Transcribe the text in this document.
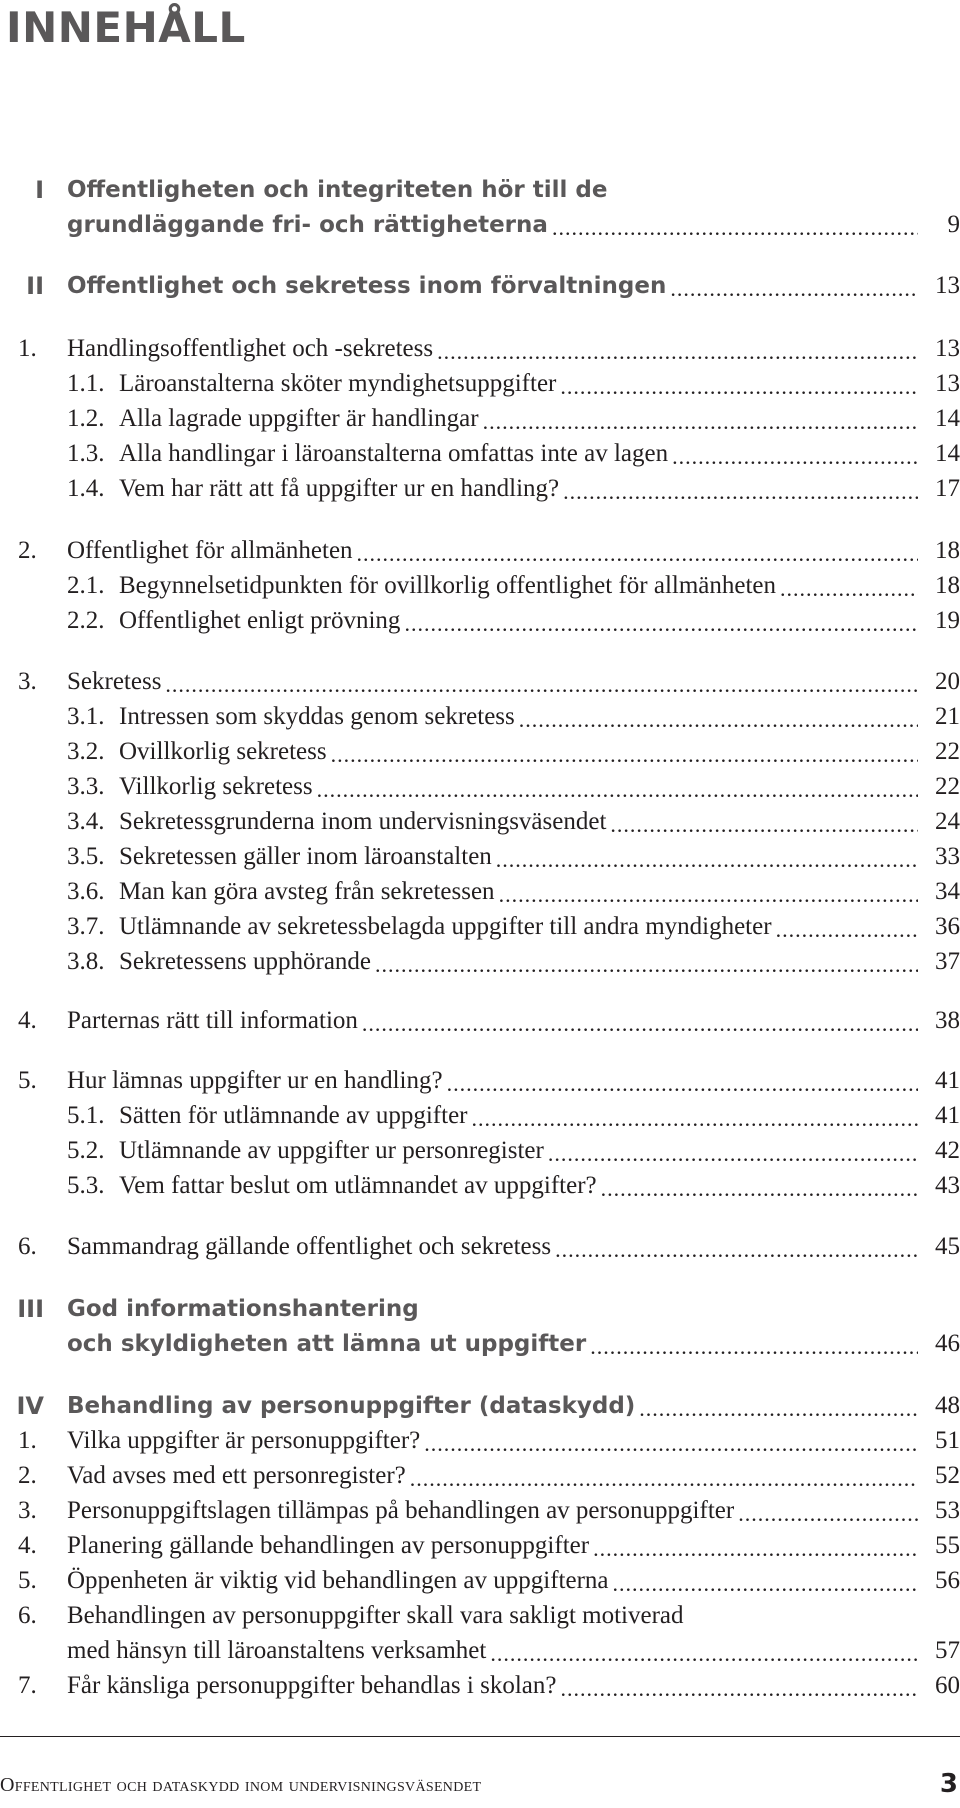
INNEHÅLL
I Offentligheten och integriteten hör till de
grundläggande fri- och rättigheterna .....	9
II Offentlighet och sekretess inom förvaltningen .....	13
1. Handlingsoffentlighet och -sekretess .....	13
1.1. Läroanstalterna sköter myndighetsuppgifter .....	13
1.2. Alla lagrade uppgifter är handlingar .....	14
1.3. Alla handlingar i läroanstalterna omfattas inte av lagen .....	14
1.4. Vem har rätt att få uppgifter ur en handling? .....	17
2. Offentlighet för allmänheten .....	18
2.1. Begynnelsetidpunkten för ovillkorlig offentlighet för allmänheten .....	18
2.2. Offentlighet enligt prövning .....	19
3. Sekretess .....	20
3.1. Intressen som skyddas genom sekretess .....	21
3.2. Ovillkorlig sekretess .....	22
3.3. Villkorlig sekretess .....	22
3.4. Sekretessgrunderna inom undervisningsväsendet .....	24
3.5. Sekretessen gäller inom läroanstalten .....	33
3.6. Man kan göra avsteg från sekretessen .....	34
3.7. Utlämnande av sekretessbelagda uppgifter till andra myndigheter .....	36
3.8. Sekretessens upphörande .....	37
4. Parternas rätt till information .....	38
5. Hur lämnas uppgifter ur en handling? .....	41
5.1. Sätten för utlämnande av uppgifter .....	41
5.2. Utlämnande av uppgifter ur personregister .....	42
5.3. Vem fattar beslut om utlämnandet av uppgifter? .....	43
6. Sammandrag gällande offentlighet och sekretess .....	45
III God informationshantering
och skyldigheten att lämna ut uppgifter .....	46
IV Behandling av personuppgifter (dataskydd) .....	48
1. Vilka uppgifter är personuppgifter? .....	51
2. Vad avses med ett personregister? .....	52
3. Personuppgiftslagen tillämpas på behandlingen av personuppgifter .....	53
4. Planering gällande behandlingen av personuppgifter .....	55
5. Öppenheten är viktig vid behandlingen av uppgifterna .....	56
6. Behandlingen av personuppgifter skall vara sakligt motiverad
med hänsyn till läroanstaltens verksamhet .....	57
7. Får känsliga personuppgifter behandlas i skolan? .....	60
Offentlighet och dataskydd inom undervisningsväsendet	3
